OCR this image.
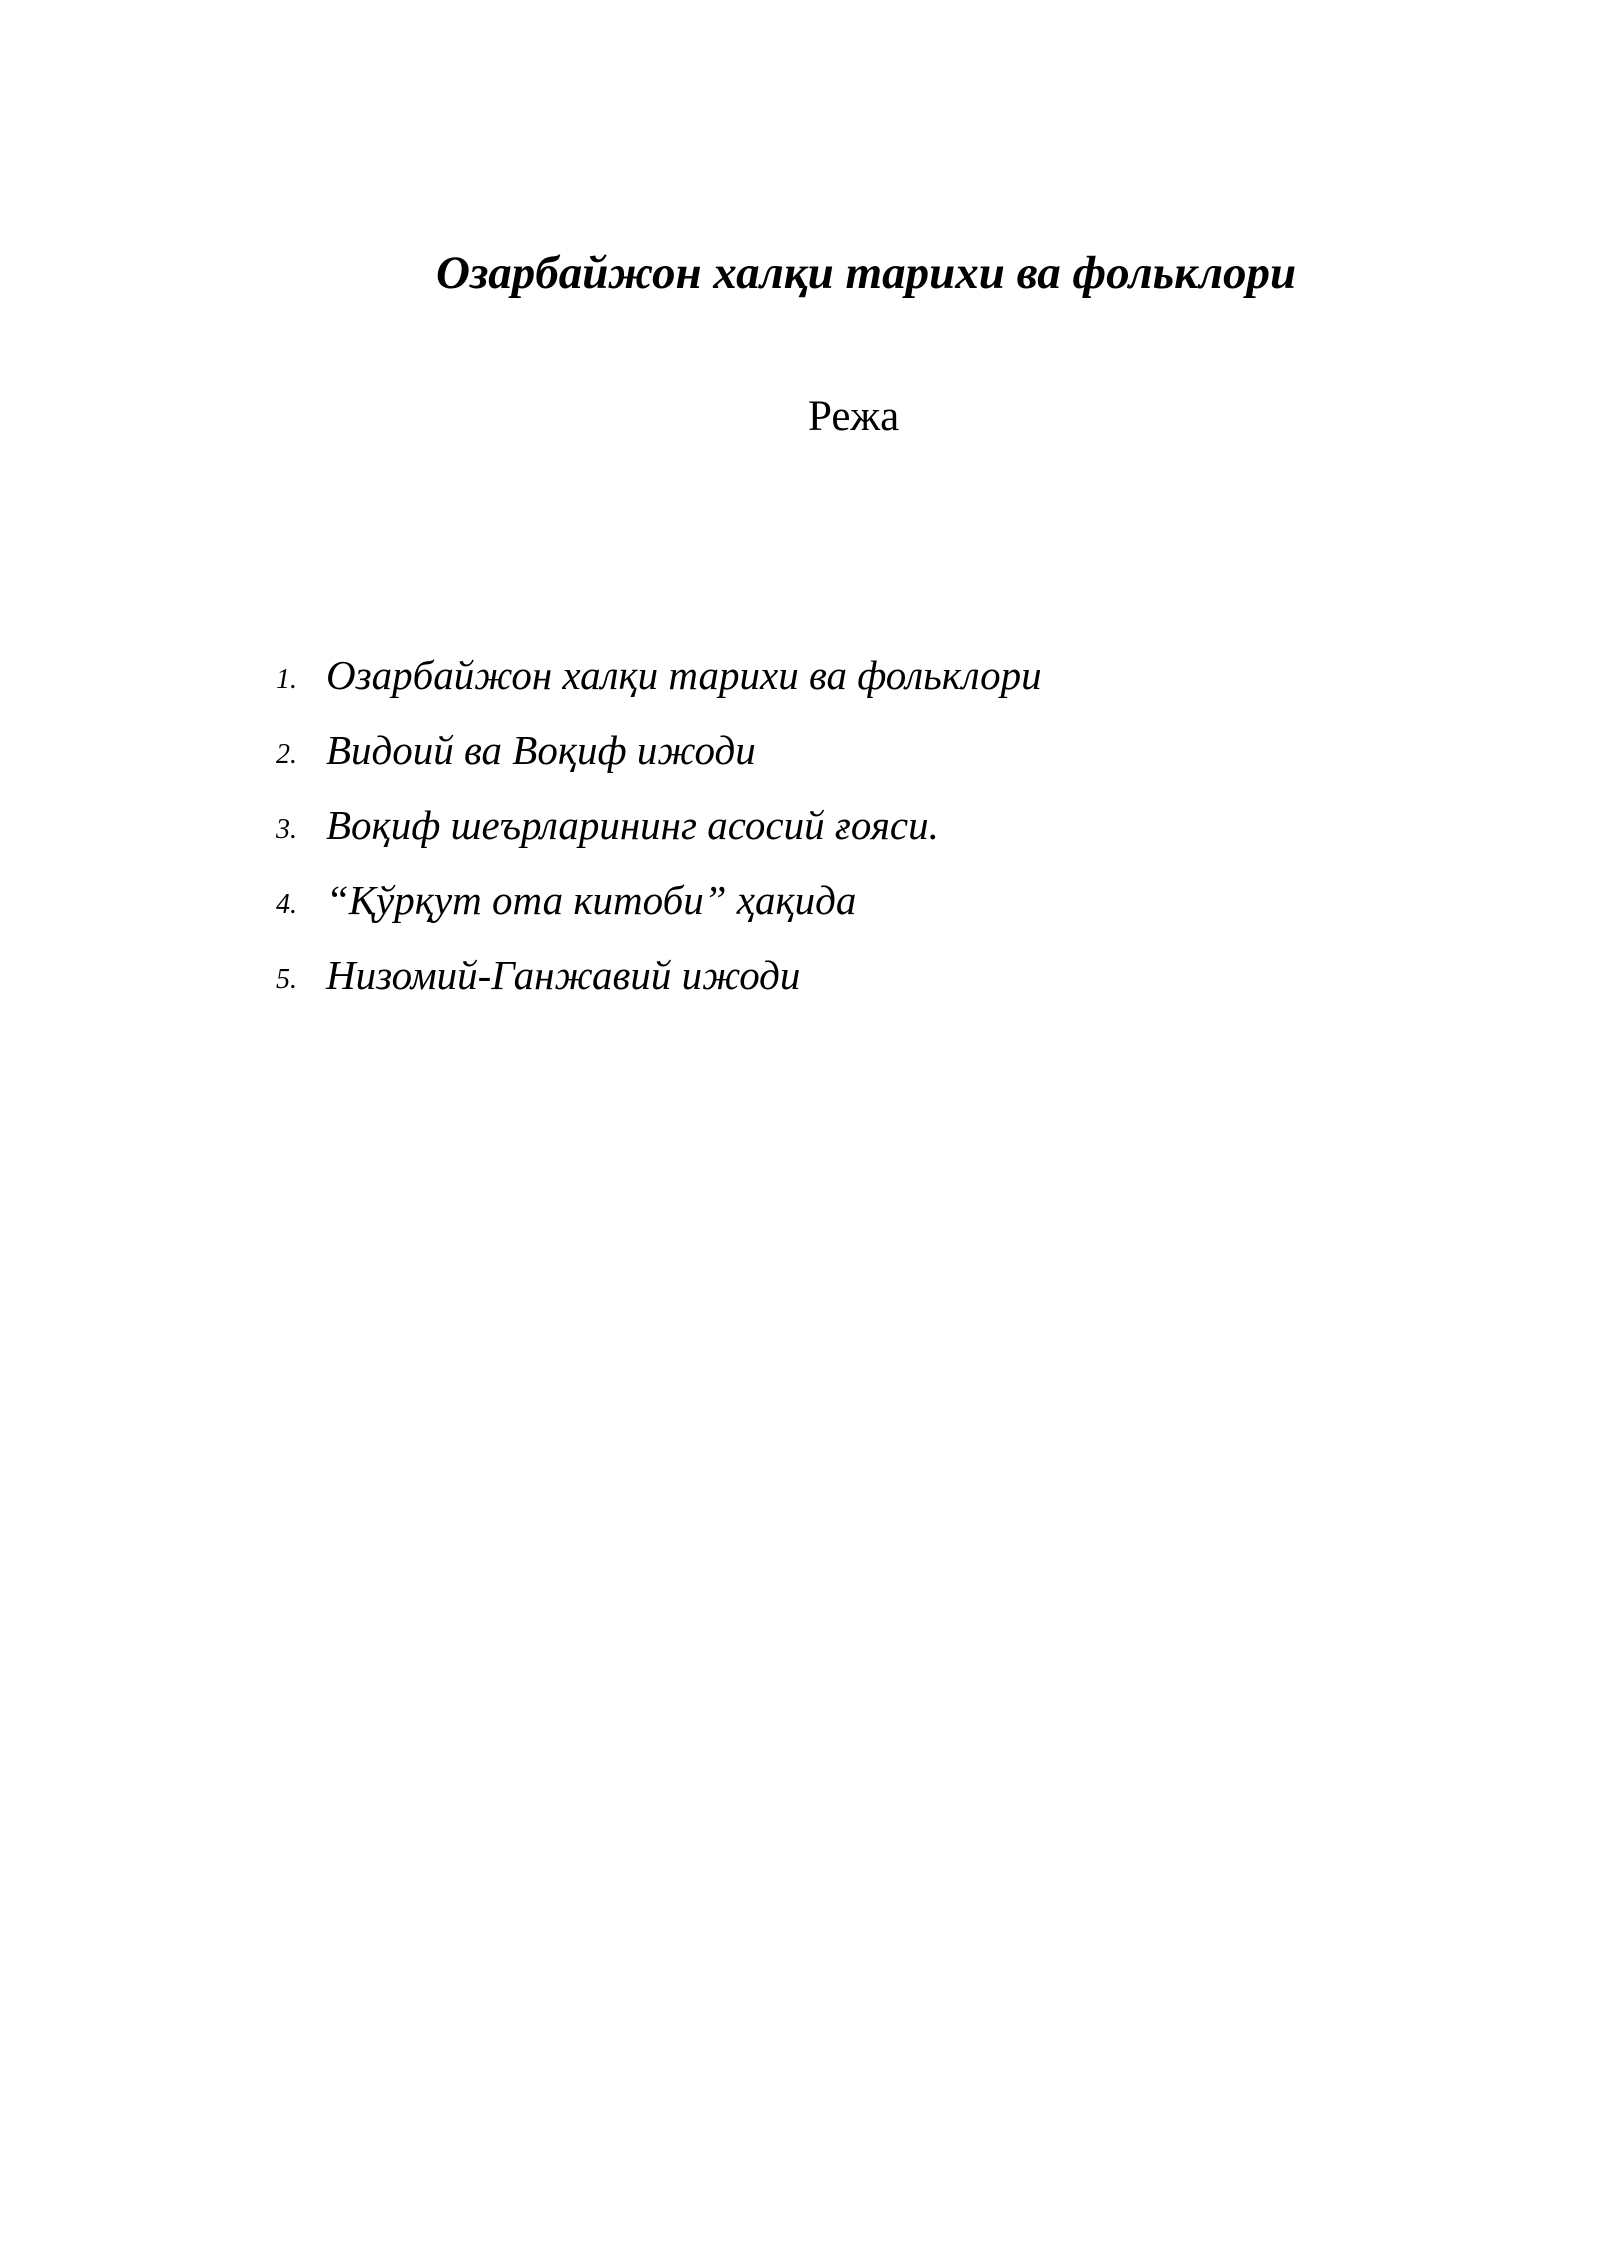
Озарбайжон халқи тарихи ва фольклори
Режа
1. Озарбайжон халқи тарихи ва фольклори
2. Видоий ва Воқиф ижоди
3. Воқиф шеърларининг асосий ғояси.
4. “Қўрқут ота китоби” ҳақида
5. Низомий-Ганжавий ижоди
